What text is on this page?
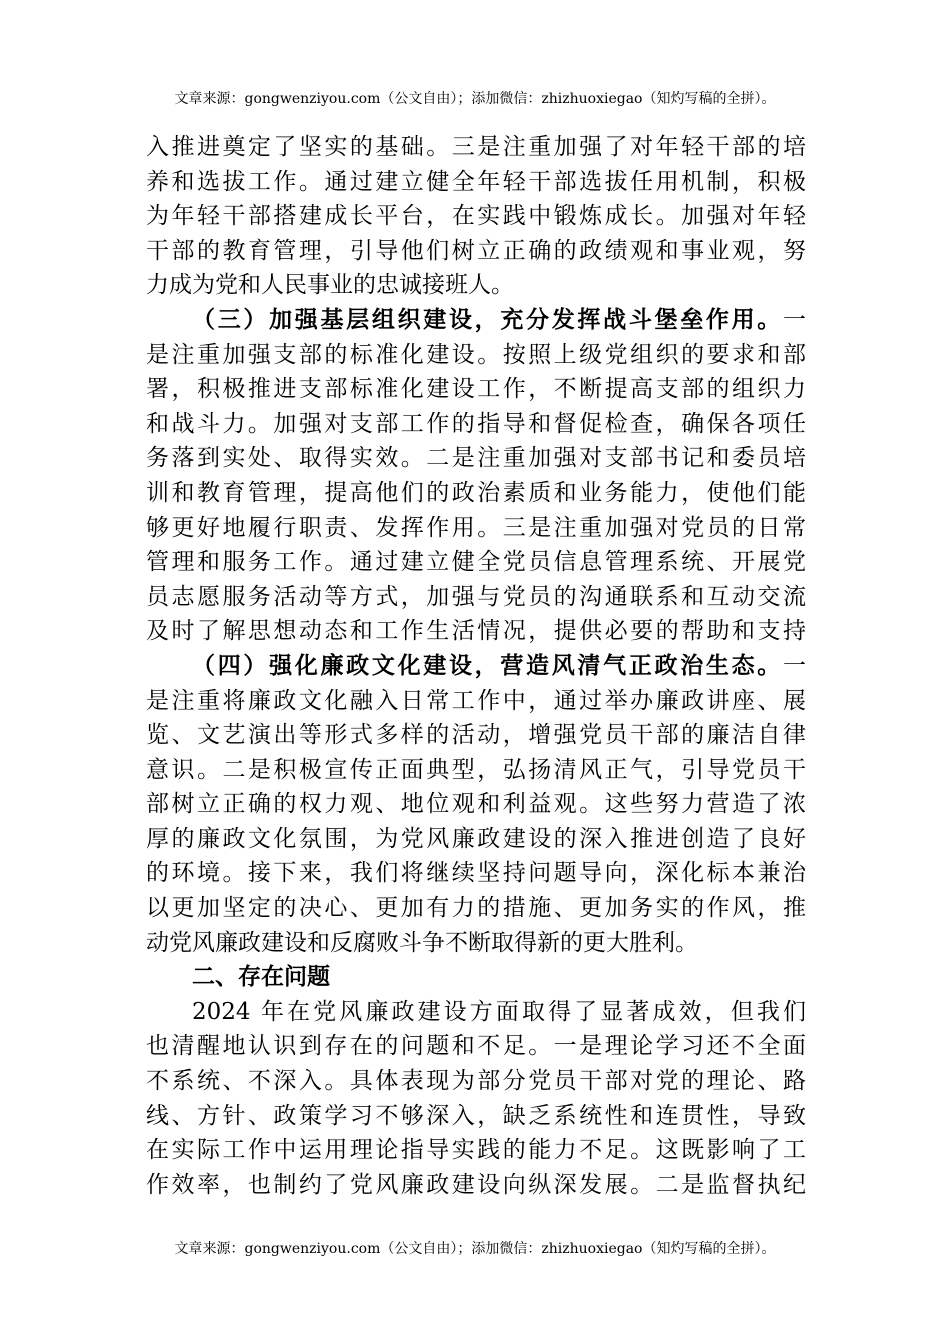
文章来源：gongwenziyou.com（公文自由）；添加微信：zhizhuoxiegao（知灼写稿的全拼）。
入推进奠定了坚实的基础。三是注重加强了对年轻干部的培
养和选拔工作。通过建立健全年轻干部选拔任用机制，积极
为年轻干部搭建成长平台，在实践中锻炼成长。加强对年轻
干部的教育管理，引导他们树立正确的政绩观和事业观，努
力成为党和人民事业的忠诚接班人。
（三）加强基层组织建设，充分发挥战斗堡垒作用。一
是注重加强支部的标准化建设。按照上级党组织的要求和部
署，积极推进支部标准化建设工作，不断提高支部的组织力
和战斗力。加强对支部工作的指导和督促检查，确保各项任
务落到实处、取得实效。二是注重加强对支部书记和委员培
训和教育管理，提高他们的政治素质和业务能力，使他们能
够更好地履行职责、发挥作用。三是注重加强对党员的日常
管理和服务工作。通过建立健全党员信息管理系统、开展党
员志愿服务活动等方式，加强与党员的沟通联系和互动交流
及时了解思想动态和工作生活情况，提供必要的帮助和支持
（四）强化廉政文化建设，营造风清气正政治生态。一
是注重将廉政文化融入日常工作中，通过举办廉政讲座、展
览、文艺演出等形式多样的活动，增强党员干部的廉洁自律
意识。二是积极宣传正面典型，弘扬清风正气，引导党员干
部树立正确的权力观、地位观和利益观。这些努力营造了浓
厚的廉政文化氛围，为党风廉政建设的深入推进创造了良好
的环境。接下来，我们将继续坚持问题导向，深化标本兼治
以更加坚定的决心、更加有力的措施、更加务实的作风，推
动党风廉政建设和反腐败斗争不断取得新的更大胜利。
二、存在问题
2024 年在党风廉政建设方面取得了显著成效，但我们
也清醒地认识到存在的问题和不足。一是理论学习还不全面
不系统、不深入。具体表现为部分党员干部对党的理论、路
线、方针、政策学习不够深入，缺乏系统性和连贯性，导致
在实际工作中运用理论指导实践的能力不足。这既影响了工
作效率，也制约了党风廉政建设向纵深发展。二是监督执纪
文章来源：gongwenziyou.com（公文自由）；添加微信：zhizhuoxiegao（知灼写稿的全拼）。
